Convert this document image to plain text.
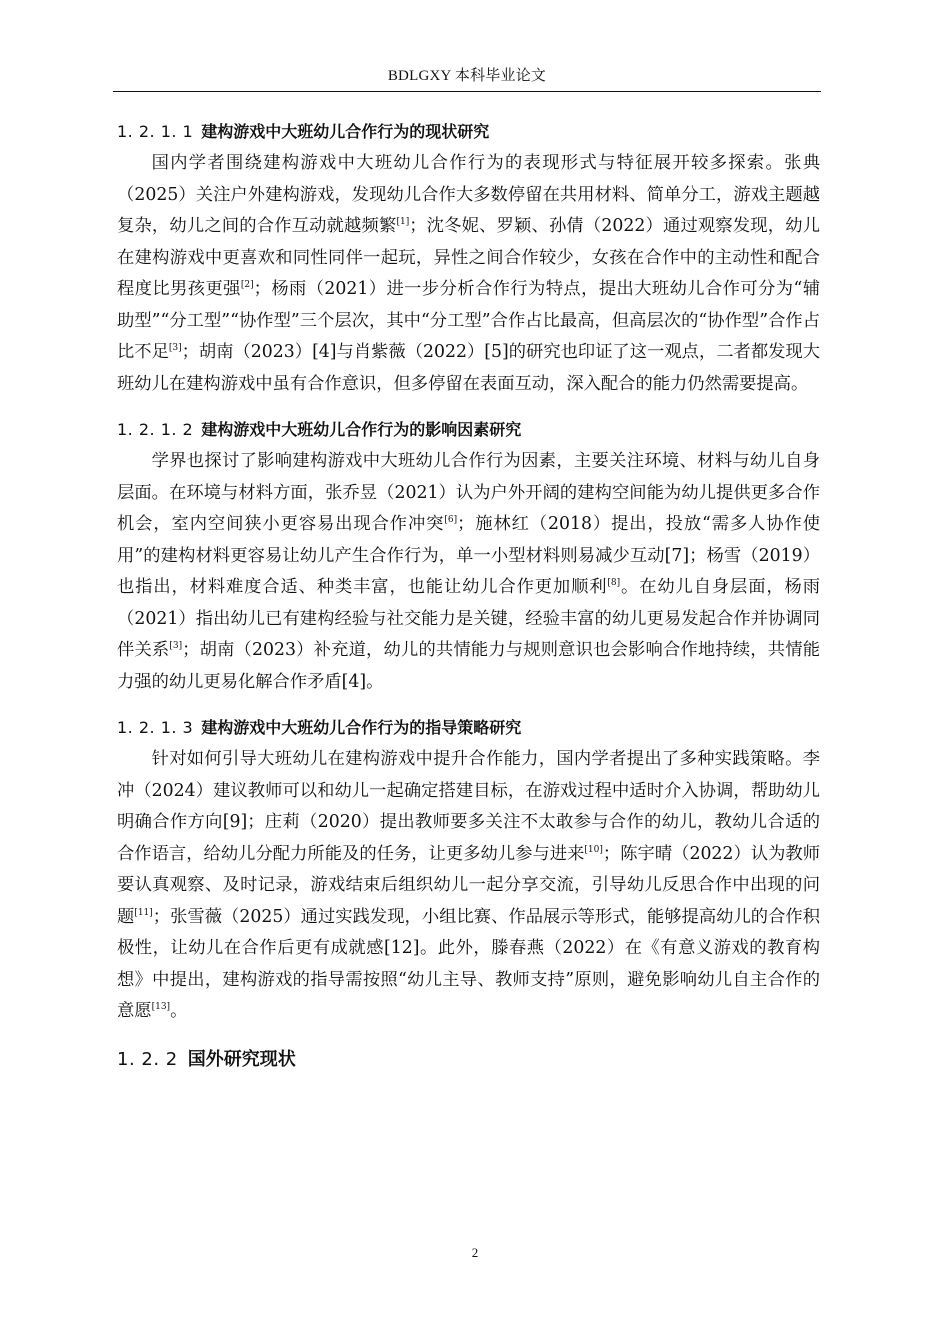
BDLGXY 本科毕业论文
1. 2. 1. 1 建构游戏中大班幼儿合作行为的现状研究

国内学者围绕建构游戏中大班幼儿合作行为的表现形式与特征展开较多探索。张典（2025）关注户外建构游戏，发现幼儿合作大多数停留在共用材料、简单分工，游戏主题越复杂，幼儿之间的合作互动就越频繁[1]；沈冬妮、罗颖、孙倩（2022）通过观察发现，幼儿在建构游戏中更喜欢和同性同伴一起玩，异性之间合作较少，女孩在合作中的主动性和配合程度比男孩更强[2]；杨雨（2021）进一步分析合作行为特点，提出大班幼儿合作可分为“辅助型”“分工型”“协作型”三个层次，其中“分工型”合作占比最高，但高层次的“协作型”合作占比不足[3]；胡南（2023）[4]与肖紫薇（2022）[5]的研究也印证了这一观点，二者都发现大班幼儿在建构游戏中虽有合作意识，但多停留在表面互动，深入配合的能力仍然需要提高。

1. 2. 1. 2 建构游戏中大班幼儿合作行为的影响因素研究

学界也探讨了影响建构游戏中大班幼儿合作行为因素，主要关注环境、材料与幼儿自身层面。在环境与材料方面，张乔昱（2021）认为户外开阔的建构空间能为幼儿提供更多合作机会，室内空间狭小更容易出现合作冲突[6]；施林红（2018）提出，投放“需多人协作使用”的建构材料更容易让幼儿产生合作行为，单一小型材料则易减少互动[7]；杨雪（2019）也指出，材料难度合适、种类丰富，也能让幼儿合作更加顺利[8]。在幼儿自身层面，杨雨（2021）指出幼儿已有建构经验与社交能力是关键，经验丰富的幼儿更易发起合作并协调同伴关系[3]；胡南（2023）补充道，幼儿的共情能力与规则意识也会影响合作地持续，共情能力强的幼儿更易化解合作矛盾[4]。

1. 2. 1. 3 建构游戏中大班幼儿合作行为的指导策略研究

针对如何引导大班幼儿在建构游戏中提升合作能力，国内学者提出了多种实践策略。李冲（2024）建议教师可以和幼儿一起确定搭建目标，在游戏过程中适时介入协调，帮助幼儿明确合作方向[9]；庄莉（2020）提出教师要多关注不太敢参与合作的幼儿，教幼儿合适的合作语言，给幼儿分配力所能及的任务，让更多幼儿参与进来[10]；陈宇晴（2022）认为教师要认真观察、及时记录，游戏结束后组织幼儿一起分享交流，引导幼儿反思合作中出现的问题[11]；张雪薇（2025）通过实践发现，小组比赛、作品展示等形式，能够提高幼儿的合作积极性，让幼儿在合作后更有成就感[12]。此外，滕春燕（2022）在《有意义游戏的教育构想》中提出，建构游戏的指导需按照“幼儿主导、教师支持”原则，避免影响幼儿自主合作的意愿[13]。

1. 2. 2 国外研究现状
2
